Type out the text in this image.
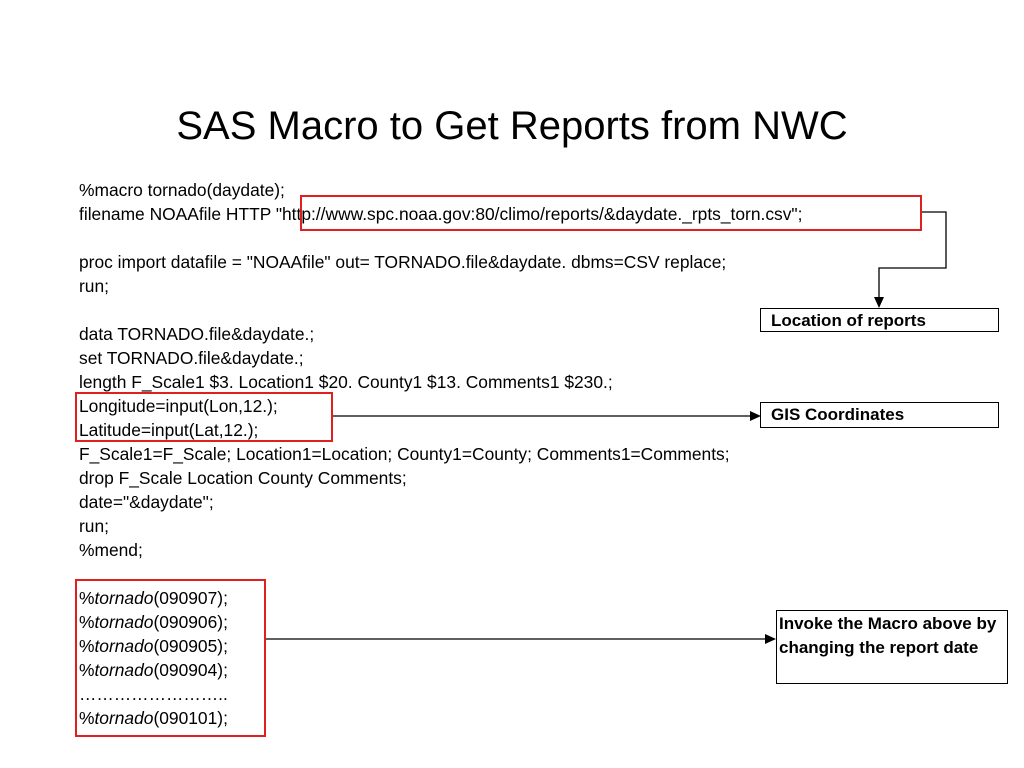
SAS Macro to Get Reports from NWC
%macro tornado(daydate);
filename NOAAfile HTTP "http://www.spc.noaa.gov:80/climo/reports/&daydate._rpts_torn.csv";
proc import datafile = "NOAAfile" out= TORNADO.file&daydate. dbms=CSV replace;
run;
data TORNADO.file&daydate.;
set TORNADO.file&daydate.;
length F_Scale1 $3. Location1 $20. County1 $13. Comments1 $230.;
Longitude=input(Lon,12.);
Latitude=input(Lat,12.);
F_Scale1=F_Scale; Location1=Location; County1=County; Comments1=Comments;
drop F_Scale Location County Comments;
date="&daydate";
run;
%mend;
%tornado(090907);
%tornado(090906);
%tornado(090905);
%tornado(090904);
……………………..
%tornado(090101);
Location of reports
GIS Coordinates
Invoke the Macro above by changing the report date
